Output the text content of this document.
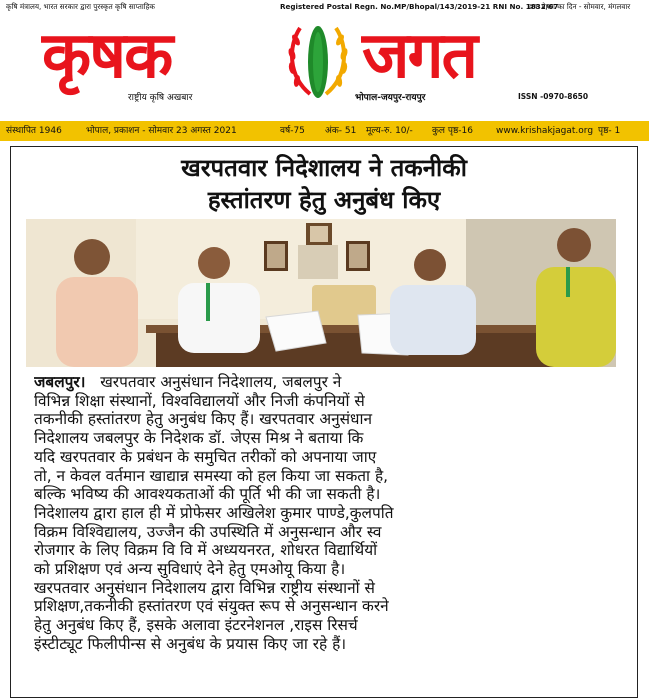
कृषि मंत्रालय, भारत सरकार द्वारा पुरस्कृत कृषि साप्ताहिक	Registered Postal Regn. No.MP/Bhopal/143/2019-21 RNI No. 1832/67
डाक प्रेषण का दिन - सोमवार, मंगलवार
कृषक	जगत
राष्ट्रीय कृषि अखबार	भोपाल-जयपुर-रायपुर	ISSN -0970-8650
संस्थापित 1946	भोपाल, प्रकाशन - सोमवार 23 अगस्त 2021	वर्ष-75 अंक- 51 मूल्य-रु. 10/- कुल पृष्ठ-16	www.krishakjagat.org पृष्ठ- 1
खरपतवार निदेशालय ने तकनीकी
हस्तांतरण हेतु अनुबंध किए
जबलपुर। खरपतवार अनुसंधान निदेशालय, जबलपुर ने
विभिन्न शिक्षा संस्थानों, विश्वविद्यालयों और निजी कंपनियों से
तकनीकी हस्तांतरण हेतु अनुबंध किए हैं। खरपतवार अनुसंधान
निदेशालय जबलपुर के निदेशक डॉ. जेएस मिश्र ने बताया कि
यदि खरपतवार के प्रबंधन के समुचित तरीकों को अपनाया जाए
तो, न केवल वर्तमान खाद्यान्न समस्या को हल किया जा सकता है,
बल्कि भविष्य की आवश्यकताओं की पूर्ति भी की जा सकती है।
निदेशालय द्वारा हाल ही में प्रोफेसर अखिलेश कुमार पाण्डे,कुलपति
विक्रम विश्विद्यालय, उज्जैन की उपस्थिति में अनुसन्धान और स्व
रोजगार के लिए विक्रम वि वि में अध्ययनरत, शोधरत विद्यार्थियों
को प्रशिक्षण एवं अन्य सुविधाएं देने हेतु एमओयू किया है।
खरपतवार अनुसंधान निदेशालय द्वारा विभिन्न राष्ट्रीय संस्थानों से
प्रशिक्षण,तकनीकी हस्तांतरण एवं संयुक्त रूप से अनुसन्धान करने
हेतु अनुबंध किए हैं, इसके अलावा इंटरनेशनल ,राइस रिसर्च
इंस्टीट्यूट फिलीपीन्स से अनुबंध के प्रयास किए जा रहे हैं।
